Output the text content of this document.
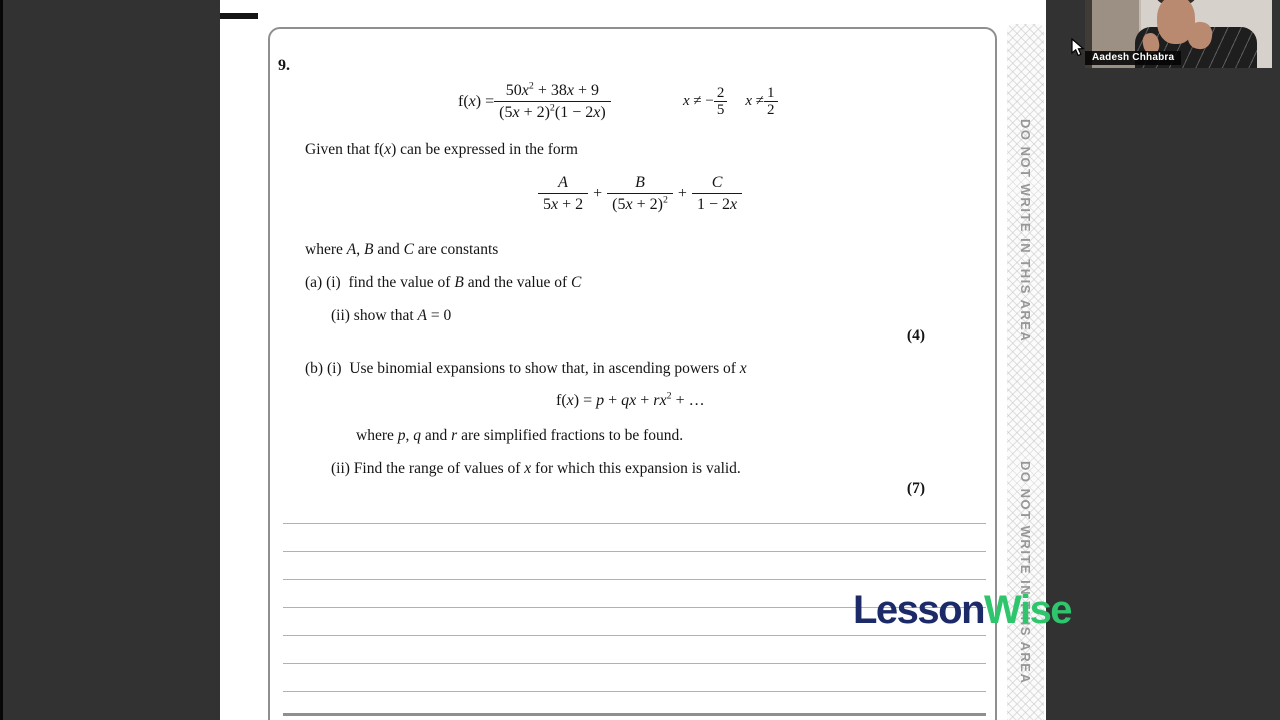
DO NOT WRITE IN THIS AREA
DO NOT WRITE IN THIS AREA
9.
$f(x) = \frac{50x^2 + 38x + 9}{(5x + 2)^2(1 - 2x)}$	x ≠ − $\frac{2}{5}$ $x \ne \frac{1}{2}$
Given that f(x) can be expressed in the form
$\frac{A}{5x + 2} + \frac{B}{(5x + 2)^2} + \frac{C}{1 - 2x}$
where A, B and C are constants
(a) (i)  find the value of B and the value of C
(ii) show that A = 0
(4)
(b) (i)  Use binomial expansions to show that, in ascending powers of x
f(x) = p + qx + $rx^2$ + …
where p, q and r are simplified fractions to be found.
(ii) Find the range of values of x for which this expansion is valid.
(7)
Aadesh Chhabra
LessonWise
